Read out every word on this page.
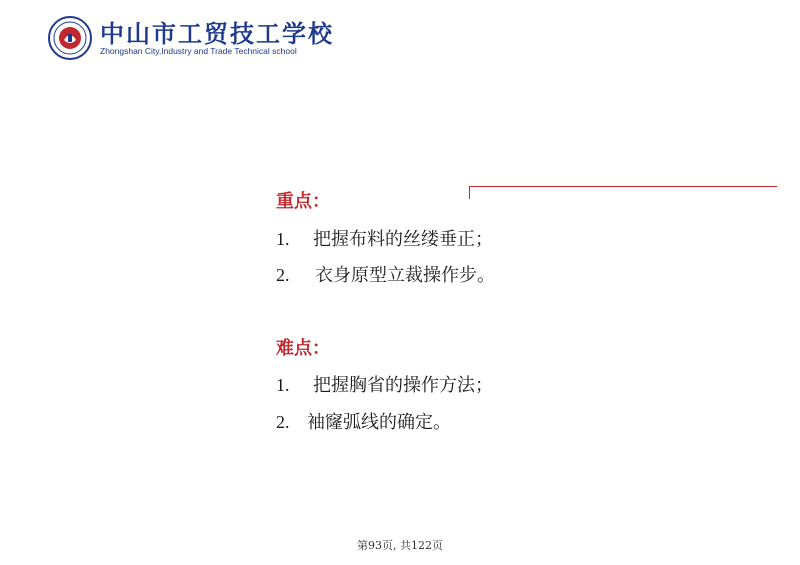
中山市工贸技工学校
Zhongshan City,Industry and Trade Technical school
重点：
1. 把握布料的丝缕垂正；
2. 衣身原型立裁操作步。
难点：
1. 把握胸省的操作方法；
2. 袖窿弧线的确定。
第93页, 共122页
